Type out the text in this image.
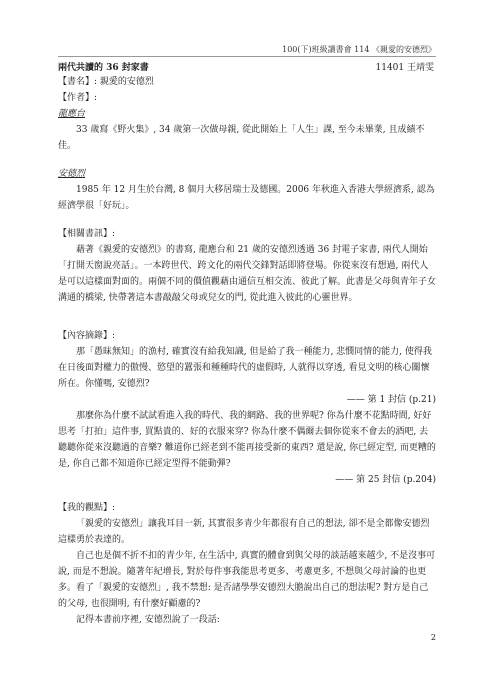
100(下)班級讀書會 114 《親愛的安德烈》
兩代共讀的 36 封家書	11401 王靖雯

【書名】: 親愛的安德烈

【作者】:

龍應台

33 歲寫《野火集》, 34 歲第一次做母親, 從此開始上「人生」課, 至今未畢業, 且成績不佳。

安德烈

1985 年 12 月生於台灣, 8 個月大移居瑞士及德國。2006 年秋進入香港大學經濟系, 認為經濟學很「好玩」。

【相關書訊】:

藉著《親愛的安德烈》的書寫, 龍應台和 21 歲的安德烈透過 36 封電子家書, 兩代人開始「打開天窗說亮話」。一本跨世代、跨文化的兩代交鋒對話即將登場。你從來沒有想過, 兩代人是可以這樣面對面的。兩個不同的價值觀藉由通信互相交流、彼此了解。此書是父母與青年子女溝通的橋梁, 快帶著這本書敲敲父母或兒女的門, 從此進入彼此的心靈世界。

【內容摘錄】:

那「愚昧無知」的漁村, 確實沒有給我知識, 但是給了我一種能力, 悲憫同情的能力, 使得我在日後面對權力的傲慢、慾望的囂張和種種時代的虛假時, 人就得以穿透, 看見文明的核心關懷所在。你懂嗎, 安德烈?

—— 第 1 封信 (p.21)

那麼你為什麼不試試看進入我的時代、我的網路、我的世界呢? 你為什麼不花點時間, 好好思考「打拍」這件事, 買點貴的、好的衣服來穿? 你為什麼不偶爾去個你從來不會去的酒吧, 去聽聽你從來沒聽過的音樂? 難道你已經老到不能再接受新的東西? 還是說, 你已經定型, 而更糟的是, 你自己都不知道你已經定型得不能動彈?

—— 第 25 封信 (p.204)

【我的觀點】:

「親愛的安德烈」讓我耳目一新, 其實很多青少年都很有自己的想法, 卻不是全都像安德烈這樣勇於表達的。

自己也是個不折不扣的青少年, 在生活中, 真實的體會到與父母的談話越來越少, 不是沒事可說, 而是不想說。隨著年紀增長, 對於每件事我能思考更多、考慮更多, 不想與父母討論的也更多。看了「親愛的安德烈」, 我不禁想: 是否諸學學安德烈大膽說出自己的想法呢? 對方是自己的父母, 也很開明, 有什麼好顧慮的?

記得本書前序裡, 安德烈說了一段話:

2
